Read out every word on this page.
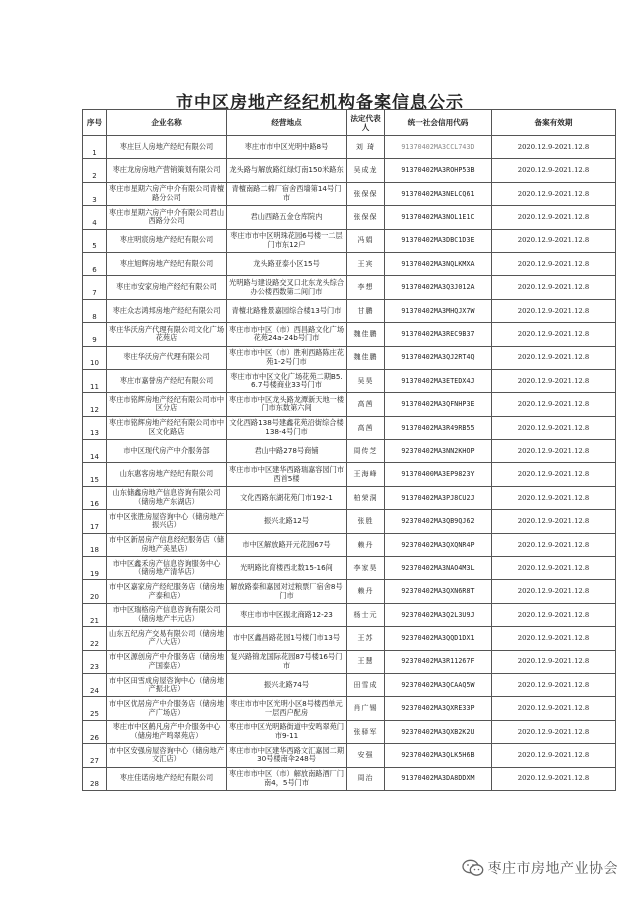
市中区房地产经纪机构备案信息公示
序号	企业名称	经营地点	法定代表人	统一社会信用代码	备案有效期
1	枣庄巨人房地产经纪有限公司	枣庄市市中区光明中路8号	刘 琦	91370402MA3CCL743D	2020.12.9-2021.12.8
2	枣庄龙房房地产营销策划有限公司	龙头路与解放路红绿灯南150米路东	吴成龙	91370402MA3ROHP53B	2020.12.9-2021.12.8
3	枣庄市星期六房产中介有限公司青檀路分公司	青檀南路二棉厂宿舍西墙第14号门市	张保保	91370402MA3NELCQ61	2020.12.9-2021.12.8
4	枣庄市星期六房产中介有限公司君山西路分公司	君山西路五金仓库院内	张保保	91370402MA3NOL1E1C	2020.12.9-2021.12.8
5	枣庄明宸房地产经纪有限公司	枣庄市市中区明珠花园6号楼一二层门市东12户	冯娟	91370402MA3DBC1D3E	2020.12.9-2021.12.8
6	枣庄旭辉房地产经纪有限公司	龙头路亚泰小区15号	王宾	91370402MA3NQLKMXA	2020.12.9-2021.12.8
7	枣庄市安家房地产经纪有限公司	光明路与建设路交叉口北东龙头综合办公楼西数第二间门市	李想	91370402MA3Q3J012A	2020.12.9-2021.12.8
8	枣庄众志鸿邦房地产经纪有限公司	青檀北路雅景嘉园综合楼13号门市	甘鹏	91370402MA3MHQJX7W	2020.12.9-2021.12.8
9	枣庄华沃房产代理有限公司文化广场花苑店	枣庄市市中区（市）西昌路文化广场花苑24a-24b号门市	魏佳鹏	91370402MA3REC9B37	2020.12.9-2021.12.8
10	枣庄华沃房产代理有限公司	枣庄市市中区（市）胜利西路陈庄花苑1-2号门市	魏佳鹏	91370402MA3QJ2RT4Q	2020.12.9-2021.12.8
11	枣庄市嘉誉房产经纪有限公司	枣庄市市中区文化广场花苑二期B5.6.7号楼商业33号门市	吴昊	91370402MA3ETEDX4J	2020.12.9-2021.12.8
12	枣庄市铭辉房地产经纪有限公司市中区分店	枣庄市市中区龙头路龙潭新天地一楼门市东数第六间	高茜	91370402MA3QFNHP3E	2020.12.9-2021.12.8
13	枣庄市铭辉房地产经纪有限公司市中区文化路店	文化西路138号建鑫花苑沿街综合楼138-4号门市	高茜	91370402MA3R49RB55	2020.12.9-2021.12.8
14	市中区现代房产中介服务部	君山中路278号商铺	周传芝	92370402MA3NN2KHOP	2020.12.9-2021.12.8
15	山东惠客房地产经纪有限公司	枣庄市市中区建华西路瑞嘉容园门市西首5楼	王海峰	91370400MA3EP9823Y	2020.12.9-2021.12.8
16	山东储鑫房地产信息咨询有限公司（储房地产东湖店）	文化西路东湖花苑门市192-1	柏荣洞	91370402MA3PJ8CU2J	2020.12.9-2021.12.8
17	市中区张胜房屋咨询中心（储房地产振兴店）	振兴北路12号	张胜	92370402MA3QB9QJ62	2020.12.9-2021.12.8
18	市中区新居房产信息经纪服务店（储房地产美星店）	市中区解放路开元花园67号	赖丹	92370402MA3QXQNR4P	2020.12.9-2021.12.8
19	市中区鑫禾房产信息咨询服务中心（储房地产清华店）	光明路比育楼西北数15-16间	李家昊	92370402MA3NAO4M3L	2020.12.9-2021.12.8
20	市中区嘉家房产经纪服务店（储房地产泰和店）	解放路泰和嘉园对过粮票厂宿舍8号门市	赖丹	92370402MA3QXN6R8T	2020.12.9-2021.12.8
21	市中区瑞格房产信息咨询有限公司（储房地产丰元店）	枣庄市市中区振北商路12-23	杨士元	92370402MA3Q2L3U9J	2020.12.9-2021.12.8
22	山东五纪房产交易有限公司（储房地产八大店）	市中区鑫昌路花园1号楼门市13号	王苏	92370402MA3QQD1DX1	2020.12.9-2021.12.8
23	市中区源创房产中介服务店（储房地产国泰店）	复兴路锦龙国际花园87号楼16号门市	王慧	92370402MA3R11267F	2020.12.9-2021.12.8
24	市中区田雪成房屋咨询中心（储房地产振北店）	振兴北路74号	田雪成	92370402MA3QCAAQ5W	2020.12.9-2021.12.8
25	市中区优居房产中介服务店（储房地产广场店）	枣庄市市中区光明小区8号楼西单元一层西户配房	肖广锡	92370402MA3QXRE33P	2020.12.9-2021.12.8
26	枣庄市中区鹤凡房产中介服务中心（储房地产鸣翠苑店）	枣庄市中区光明路街道中安鸣翠苑门市9-11	张驿军	92370402MA3QXB2K2U	2020.12.9-2021.12.8
27	市中区安强房屋咨询中心（储房地产文汇店）	枣庄市市中区建华西路文汇嘉园二期30号楼南伞248号	安强	92370402MA3QLK5H6B	2020.12.9-2021.12.8
28	枣庄佳诺房地产经纪有限公司	枣庄市市中区（市）解放南路酒厂门南4，5号门市	周治	91370402MA3DA8DDXM	2020.12.9-2021.12.8
枣庄市房地产业协会
